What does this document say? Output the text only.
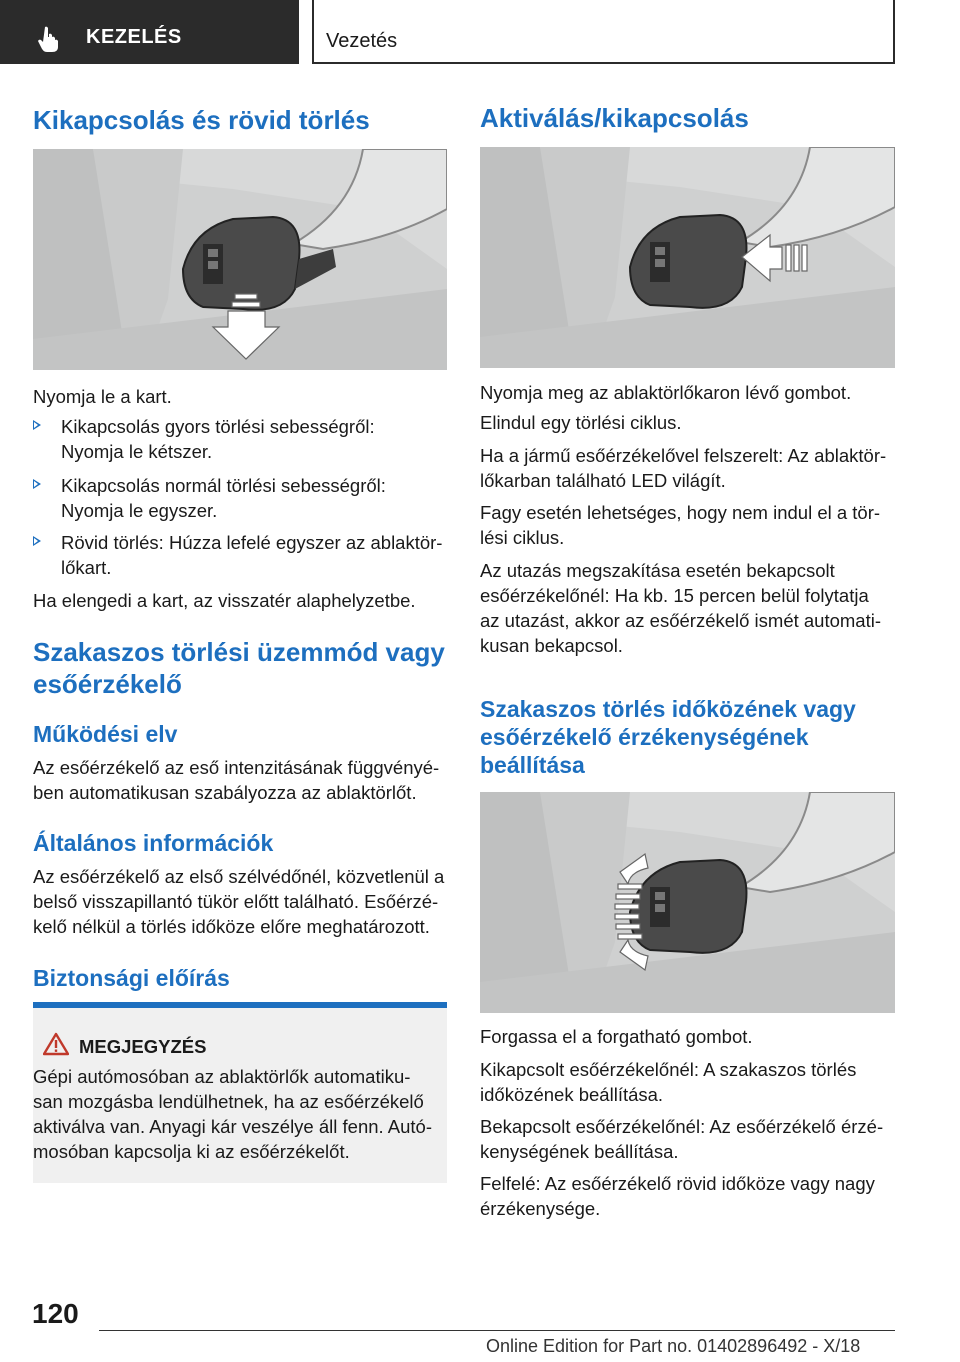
KEZELÉS	Vezetés
Kikapcsolás és rövid törlés

Nyomja le a kart.

Kikapcsolás gyors törlési sebességről:
Nyomja le kétszer.
Kikapcsolás normál törlési sebességről:
Nyomja le egyszer.
Rövid törlés: Húzza lefelé egyszer az ablaktör-
lőkart.

Ha elengedi a kart, az visszatér alaphelyzetbe.

Szakaszos törlési üzemmód vagy
esőérzékelő
Működési elv

Az esőérzékelő az eső intenzitásának függvényé-
ben automatikusan szabályozza az ablaktörlőt.

Általános információk

Az esőérzékelő az első szélvédőnél, közvetlenül a
belső visszapillantó tükör előtt található. Esőérzé-
kelő nélkül a törlés időköze előre meghatározott.

Biztonsági előírás
MEGJEGYZÉS
Gépi autómosóban az ablaktörlők automatiku-
san mozgásba lendülhetnek, ha az esőérzékelő
aktiválva van. Anyagi kár veszélye áll fenn. Autó-
mosóban kapcsolja ki az esőérzékelőt.
Aktiválás/kikapcsolás

Nyomja meg az ablaktörlőkaron lévő gombot.

Elindul egy törlési ciklus.

Ha a jármű esőérzékelővel felszerelt: Az ablaktör-
lőkarban található LED világít.

Fagy esetén lehetséges, hogy nem indul el a tör-
lési ciklus.

Az utazás megszakítása esetén bekapcsolt
esőérzékelőnél: Ha kb. 15 percen belül folytatja
az utazást, akkor az esőérzékelő ismét automati-
kusan bekapcsol.

Szakaszos törlés időközének vagy
esőérzékelő érzékenységének
beállítása

Forgassa el a forgatható gombot.

Kikapcsolt esőérzékelőnél: A szakaszos törlés
időközének beállítása.

Bekapcsolt esőérzékelőnél: Az esőérzékelő érzé-
kenységének beállítása.

Felfelé: Az esőérzékelő rövid időköze vagy nagy
érzékenysége.

120
Online Edition for Part no. 01402896492 - X/18
